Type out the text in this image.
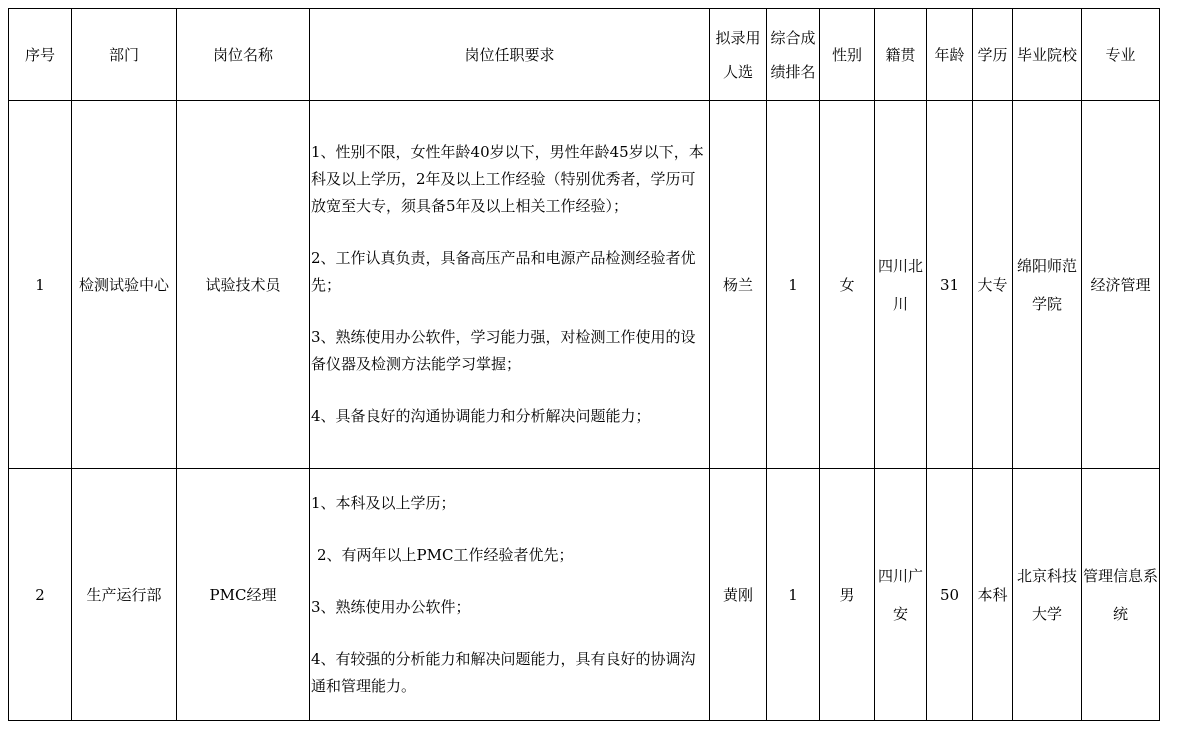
序号	部门	岗位名称	岗位任职要求	拟录用人选	综合成绩排名	性别	籍贯	年龄	学历	毕业院校	专业
1	检测试验中心	试验技术员	1、性别不限，女性年龄40岁以下，男性年龄45岁以下，本科及以上学历，2年及以上工作经验（特别优秀者，学历可放宽至大专，须具备5年及以上相关工作经验）；

2、工作认真负责，具备高压产品和电源产品检测经验者优先；

3、熟练使用办公软件，学习能力强，对检测工作使用的设备仪器及检测方法能学习掌握；

4、具备良好的沟通协调能力和分析解决问题能力；	杨兰	1	女	四川北川	31	大专	绵阳师范学院	经济管理
2	生产运行部	PMC经理	1、本科及以上学历；

2、有两年以上PMC工作经验者优先；

3、熟练使用办公软件；

4、有较强的分析能力和解决问题能力，具有良好的协调沟通和管理能力。	黄刚	1	男	四川广安	50	本科	北京科技大学	管理信息系统
